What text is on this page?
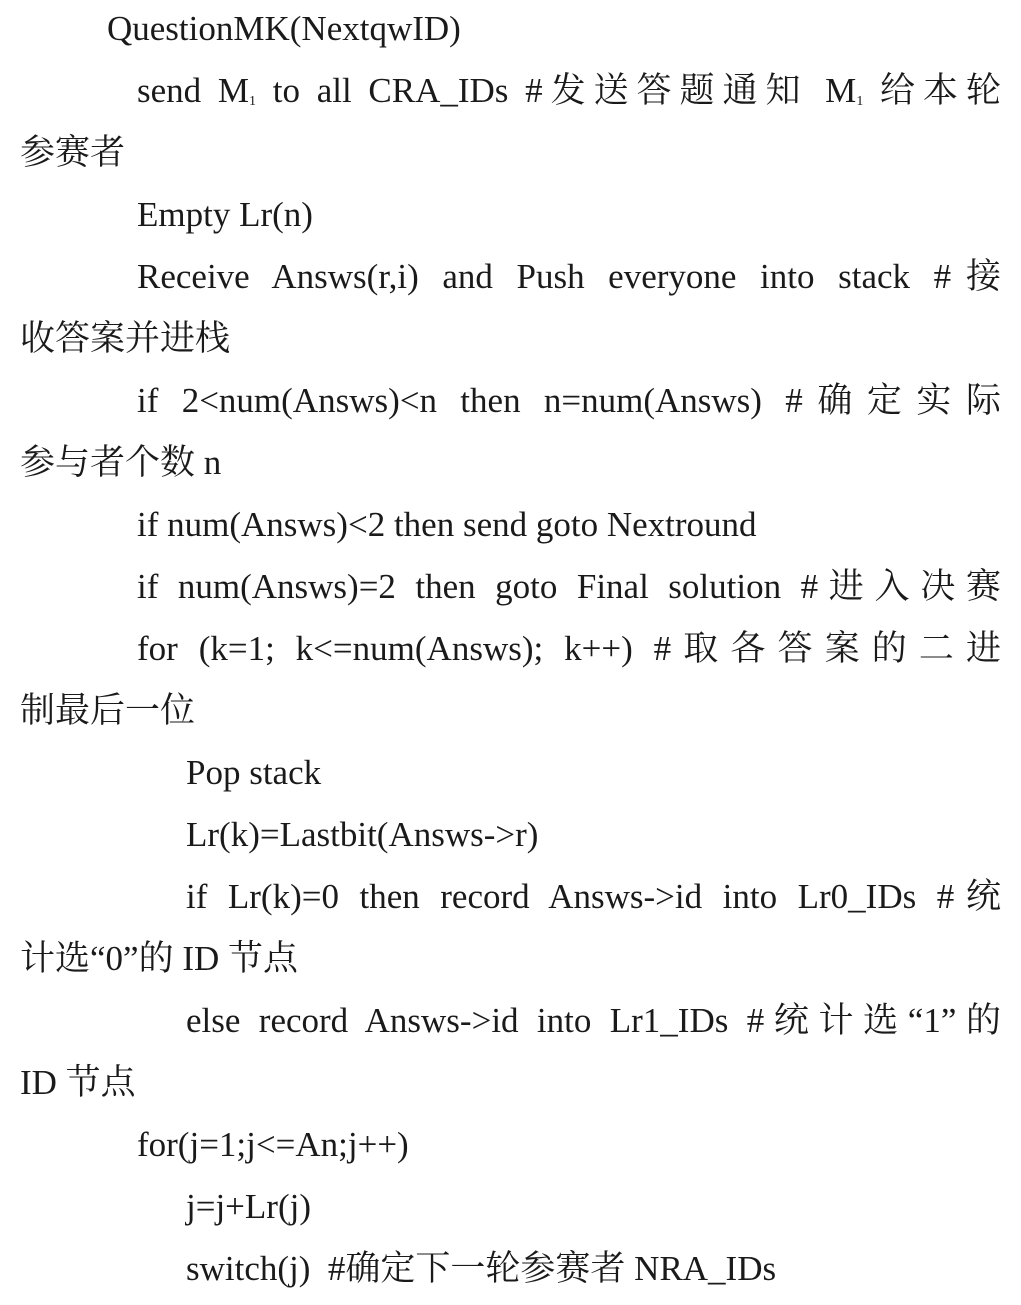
QuestionMK(NextqwID)
send $M_1$ to all CRA_IDs #发送答题通知 $M_1$ 给本轮
参赛者
Empty Lr(n)
Receive Answs(r,i) and Push everyone into stack #接
收答案并进栈
if 2<num(Answs)<n then n=num(Answs) #确定实际
参与者个数 n
if num(Answs)<2 then send goto Nextround
if num(Answs)=2 then goto Final solution #进入决赛
for (k=1; k<=num(Answs); k++) #取各答案的二进
制最后一位
Pop stack
Lr(k)=Lastbit(Answs->r)
if Lr(k)=0 then record Answs->id into Lr0_IDs #统
计选“0”的 ID 节点
else record Answs->id into Lr1_IDs #统计选“1”的
ID 节点
for(j=1;j<=An;j++)
j=j+Lr(j)
switch(j)  #确定下一轮参赛者 NRA_IDs
